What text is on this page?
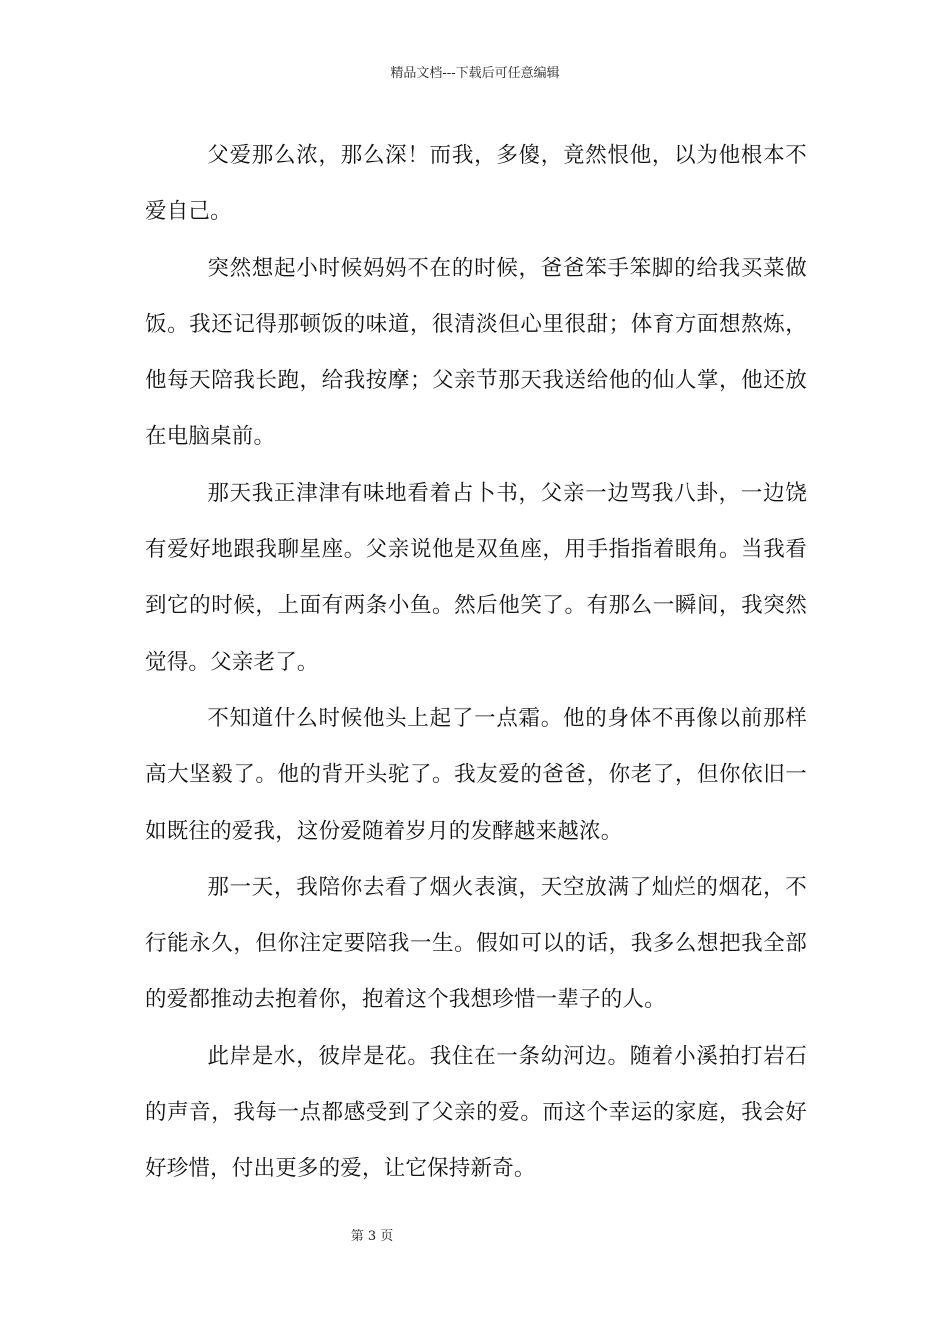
精品文档---下载后可任意编辑

父爱那么浓，那么深！而我，多傻，竟然恨他，以为他根本不爱自己。

突然想起小时候妈妈不在的时候，爸爸笨手笨脚的给我买菜做饭。我还记得那顿饭的味道，很清淡但心里很甜；体育方面想熬炼，他每天陪我长跑，给我按摩；父亲节那天我送给他的仙人掌，他还放在电脑桌前。

那天我正津津有味地看着占卜书，父亲一边骂我八卦，一边饶有爱好地跟我聊星座。父亲说他是双鱼座，用手指指着眼角。当我看到它的时候，上面有两条小鱼。然后他笑了。有那么一瞬间，我突然觉得。父亲老了。

不知道什么时候他头上起了一点霜。他的身体不再像以前那样高大坚毅了。他的背开头驼了。我友爱的爸爸，你老了，但你依旧一如既往的爱我，这份爱随着岁月的发酵越来越浓。

那一天，我陪你去看了烟火表演，天空放满了灿烂的烟花，不行能永久，但你注定要陪我一生。假如可以的话，我多么想把我全部的爱都推动去抱着你，抱着这个我想珍惜一辈子的人。

此岸是水，彼岸是花。我住在一条幼河边。随着小溪拍打岩石的声音，我每一点都感受到了父亲的爱。而这个幸运的家庭，我会好好珍惜，付出更多的爱，让它保持新奇。

第 3 页
